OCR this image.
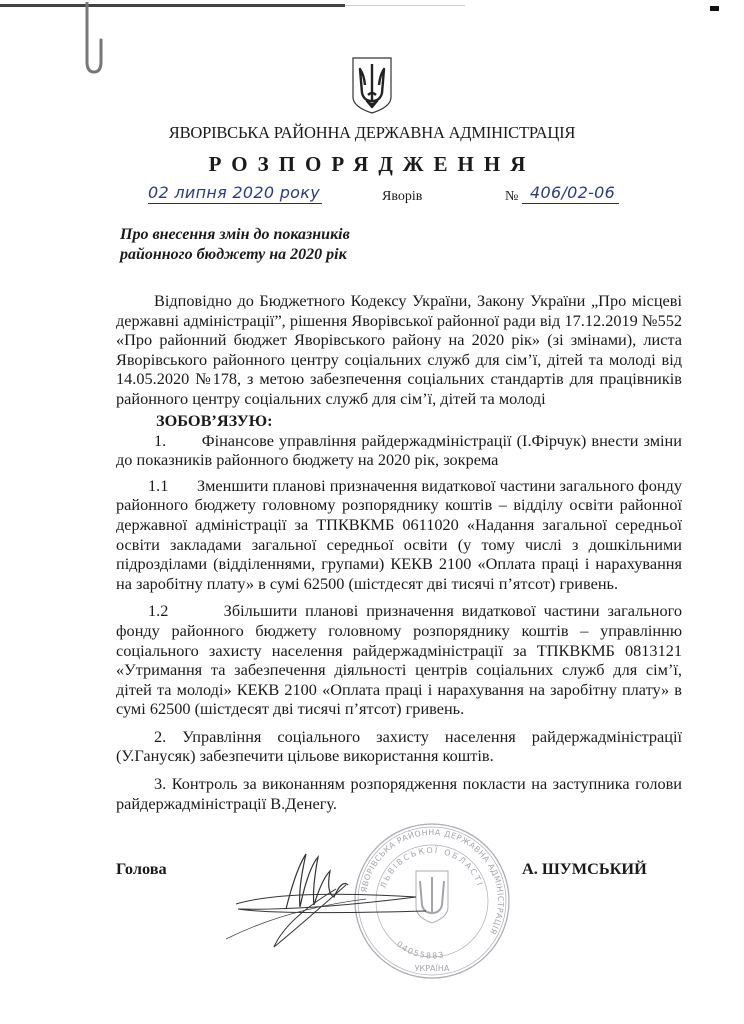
ЯВОРІВСЬКА РАЙОННА ДЕРЖАВНА АДМІНІСТРАЦІЯ
РОЗПОРЯДЖЕННЯ
02 липня 2020 року	Яворів	№ 406/02-06
Про внесення змін до показників
районного бюджету на 2020 рік

Відповідно до Бюджетного Кодексу України, Закону України „Про місцеві державні адміністрації”, рішення Яворівської районної ради від 17.12.2019 №552 «Про районний бюджет Яворівського району на 2020 рік» (зі змінами), листа Яворівського районного центру соціальних служб для сім’ї, дітей та молоді від 14.05.2020 №178, з метою забезпечення соціальних стандартів для працівників районного центру соціальних служб для сім’ї, дітей та молоді

ЗОБОВ’ЯЗУЮ:

1. Фінансове управління райдержадміністрації (І.Фірчук) внести зміни до показників районного бюджету на 2020 рік, зокрема

1.1 Зменшити планові призначення видаткової частини загального фонду районного бюджету головному розпоряднику коштів – відділу освіти районної державної адміністрації за ТПКВКМБ 0611020 «Надання загальної середньої освіти закладами загальної середньої освіти (у тому числі з дошкільними підрозділами (відділеннями, групами) КЕКВ 2100 «Оплата праці і нарахування на заробітну плату» в сумі 62500 (шістдесят дві тисячі п’ятсот) гривень.

1.2	Збільшити планові призначення видаткової частини загального фонду районного бюджету головному розпоряднику коштів – управлінню соціального захисту населення райдержадміністрації за ТПКВКМБ 0813121 «Утримання та забезпечення діяльності центрів соціальних служб для сім’ї, дітей та молоді» КЕКВ 2100 «Оплата праці і нарахування на заробітну плату» в сумі 62500 (шістдесят дві тисячі п’ятсот) гривень.

2. Управління соціального захисту населення райдержадміністрації (У.Ганусяк) забезпечити цільове використання коштів.

3. Контроль за виконанням розпорядження покласти на заступника голови райдержадміністрації В.Денегу.

Голова
ЯВОРІВСЬКА РАЙОННА ДЕРЖАВНА АДМІНІСТРАЦІЯ
ЛЬВІВСЬКОЇ ОБЛАСТІ
04055883
УКРАЇНА
А. ШУМСЬКИЙ
